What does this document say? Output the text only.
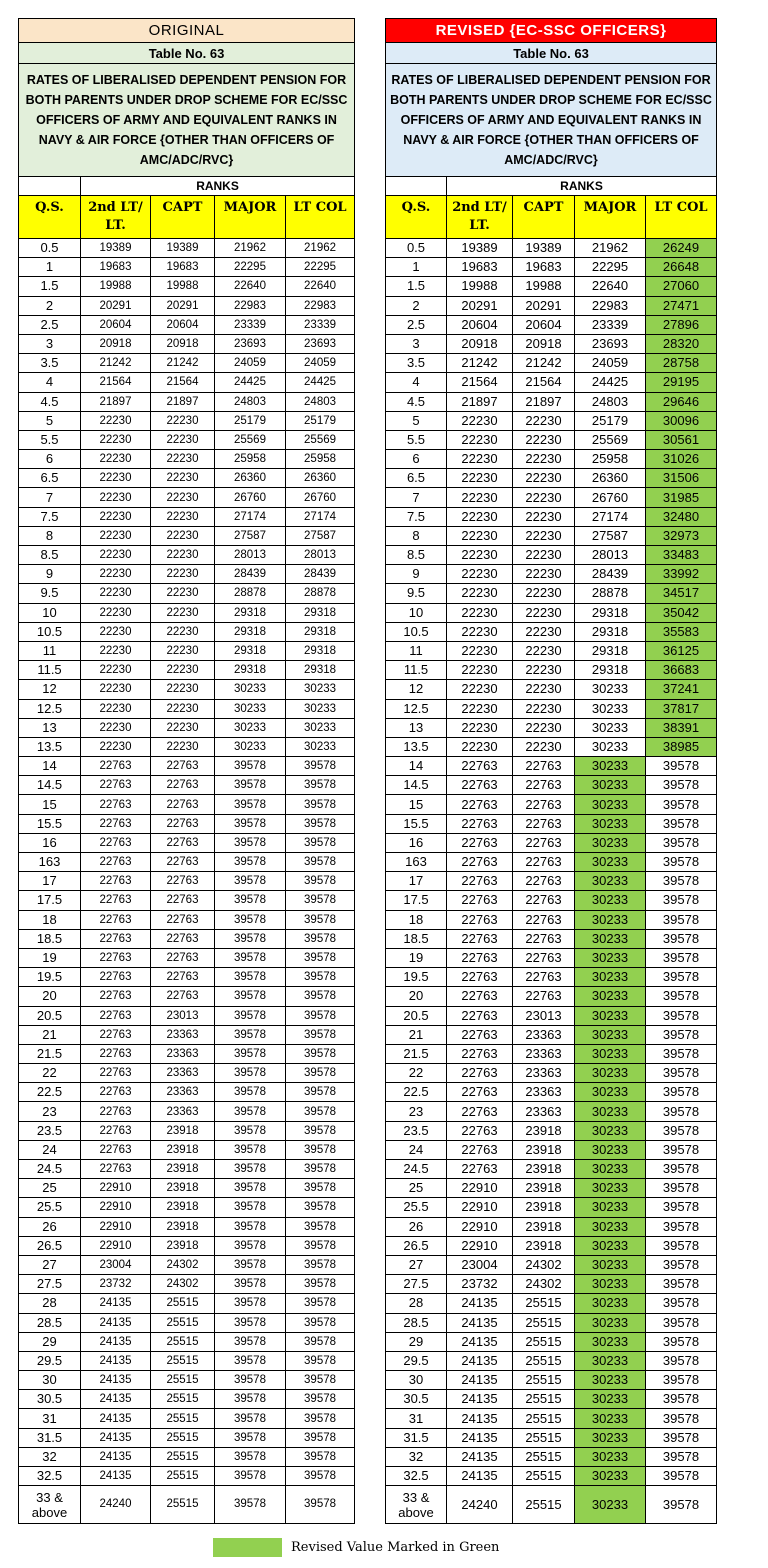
ORIGINAL				
Table No. 63				
RATES OF LIBERALISED DEPENDENT PENSION FOR BOTH PARENTS UNDER DROP SCHEME FOR EC/SSC OFFICERS OF ARMY AND EQUIVALENT RANKS IN NAVY & AIR FORCE {OTHER THAN OFFICERS OF AMC/ADC/RVC}				
	RANKS			
Q.S.	2nd LT/ LT.	CAPT	MAJOR	LT COL
0.5	19389	19389	21962	21962
1	19683	19683	22295	22295
1.5	19988	19988	22640	22640
2	20291	20291	22983	22983
2.5	20604	20604	23339	23339
3	20918	20918	23693	23693
3.5	21242	21242	24059	24059
4	21564	21564	24425	24425
4.5	21897	21897	24803	24803
5	22230	22230	25179	25179
5.5	22230	22230	25569	25569
6	22230	22230	25958	25958
6.5	22230	22230	26360	26360
7	22230	22230	26760	26760
7.5	22230	22230	27174	27174
8	22230	22230	27587	27587
8.5	22230	22230	28013	28013
9	22230	22230	28439	28439
9.5	22230	22230	28878	28878
10	22230	22230	29318	29318
10.5	22230	22230	29318	29318
11	22230	22230	29318	29318
11.5	22230	22230	29318	29318
12	22230	22230	30233	30233
12.5	22230	22230	30233	30233
13	22230	22230	30233	30233
13.5	22230	22230	30233	30233
14	22763	22763	39578	39578
14.5	22763	22763	39578	39578
15	22763	22763	39578	39578
15.5	22763	22763	39578	39578
16	22763	22763	39578	39578
163	22763	22763	39578	39578
17	22763	22763	39578	39578
17.5	22763	22763	39578	39578
18	22763	22763	39578	39578
18.5	22763	22763	39578	39578
19	22763	22763	39578	39578
19.5	22763	22763	39578	39578
20	22763	22763	39578	39578
20.5	22763	23013	39578	39578
21	22763	23363	39578	39578
21.5	22763	23363	39578	39578
22	22763	23363	39578	39578
22.5	22763	23363	39578	39578
23	22763	23363	39578	39578
23.5	22763	23918	39578	39578
24	22763	23918	39578	39578
24.5	22763	23918	39578	39578
25	22910	23918	39578	39578
25.5	22910	23918	39578	39578
26	22910	23918	39578	39578
26.5	22910	23918	39578	39578
27	23004	24302	39578	39578
27.5	23732	24302	39578	39578
28	24135	25515	39578	39578
28.5	24135	25515	39578	39578
29	24135	25515	39578	39578
29.5	24135	25515	39578	39578
30	24135	25515	39578	39578
30.5	24135	25515	39578	39578
31	24135	25515	39578	39578
31.5	24135	25515	39578	39578
32	24135	25515	39578	39578
32.5	24135	25515	39578	39578
33 & above	24240	25515	39578	39578
REVISED {EC-SSC OFFICERS}				
Table No. 63				
RATES OF LIBERALISED DEPENDENT PENSION FOR BOTH PARENTS UNDER DROP SCHEME FOR EC/SSC OFFICERS OF ARMY AND EQUIVALENT RANKS IN NAVY & AIR FORCE {OTHER THAN OFFICERS OF AMC/ADC/RVC}				
	RANKS			
Q.S.	2nd LT/ LT.	CAPT	MAJOR	LT COL
0.5	19389	19389	21962	26249
1	19683	19683	22295	26648
1.5	19988	19988	22640	27060
2	20291	20291	22983	27471
2.5	20604	20604	23339	27896
3	20918	20918	23693	28320
3.5	21242	21242	24059	28758
4	21564	21564	24425	29195
4.5	21897	21897	24803	29646
5	22230	22230	25179	30096
5.5	22230	22230	25569	30561
6	22230	22230	25958	31026
6.5	22230	22230	26360	31506
7	22230	22230	26760	31985
7.5	22230	22230	27174	32480
8	22230	22230	27587	32973
8.5	22230	22230	28013	33483
9	22230	22230	28439	33992
9.5	22230	22230	28878	34517
10	22230	22230	29318	35042
10.5	22230	22230	29318	35583
11	22230	22230	29318	36125
11.5	22230	22230	29318	36683
12	22230	22230	30233	37241
12.5	22230	22230	30233	37817
13	22230	22230	30233	38391
13.5	22230	22230	30233	38985
14	22763	22763	30233	39578
14.5	22763	22763	30233	39578
15	22763	22763	30233	39578
15.5	22763	22763	30233	39578
16	22763	22763	30233	39578
163	22763	22763	30233	39578
17	22763	22763	30233	39578
17.5	22763	22763	30233	39578
18	22763	22763	30233	39578
18.5	22763	22763	30233	39578
19	22763	22763	30233	39578
19.5	22763	22763	30233	39578
20	22763	22763	30233	39578
20.5	22763	23013	30233	39578
21	22763	23363	30233	39578
21.5	22763	23363	30233	39578
22	22763	23363	30233	39578
22.5	22763	23363	30233	39578
23	22763	23363	30233	39578
23.5	22763	23918	30233	39578
24	22763	23918	30233	39578
24.5	22763	23918	30233	39578
25	22910	23918	30233	39578
25.5	22910	23918	30233	39578
26	22910	23918	30233	39578
26.5	22910	23918	30233	39578
27	23004	24302	30233	39578
27.5	23732	24302	30233	39578
28	24135	25515	30233	39578
28.5	24135	25515	30233	39578
29	24135	25515	30233	39578
29.5	24135	25515	30233	39578
30	24135	25515	30233	39578
30.5	24135	25515	30233	39578
31	24135	25515	30233	39578
31.5	24135	25515	30233	39578
32	24135	25515	30233	39578
32.5	24135	25515	30233	39578
33 & above	24240	25515	30233	39578
Revised Value Marked in Green
